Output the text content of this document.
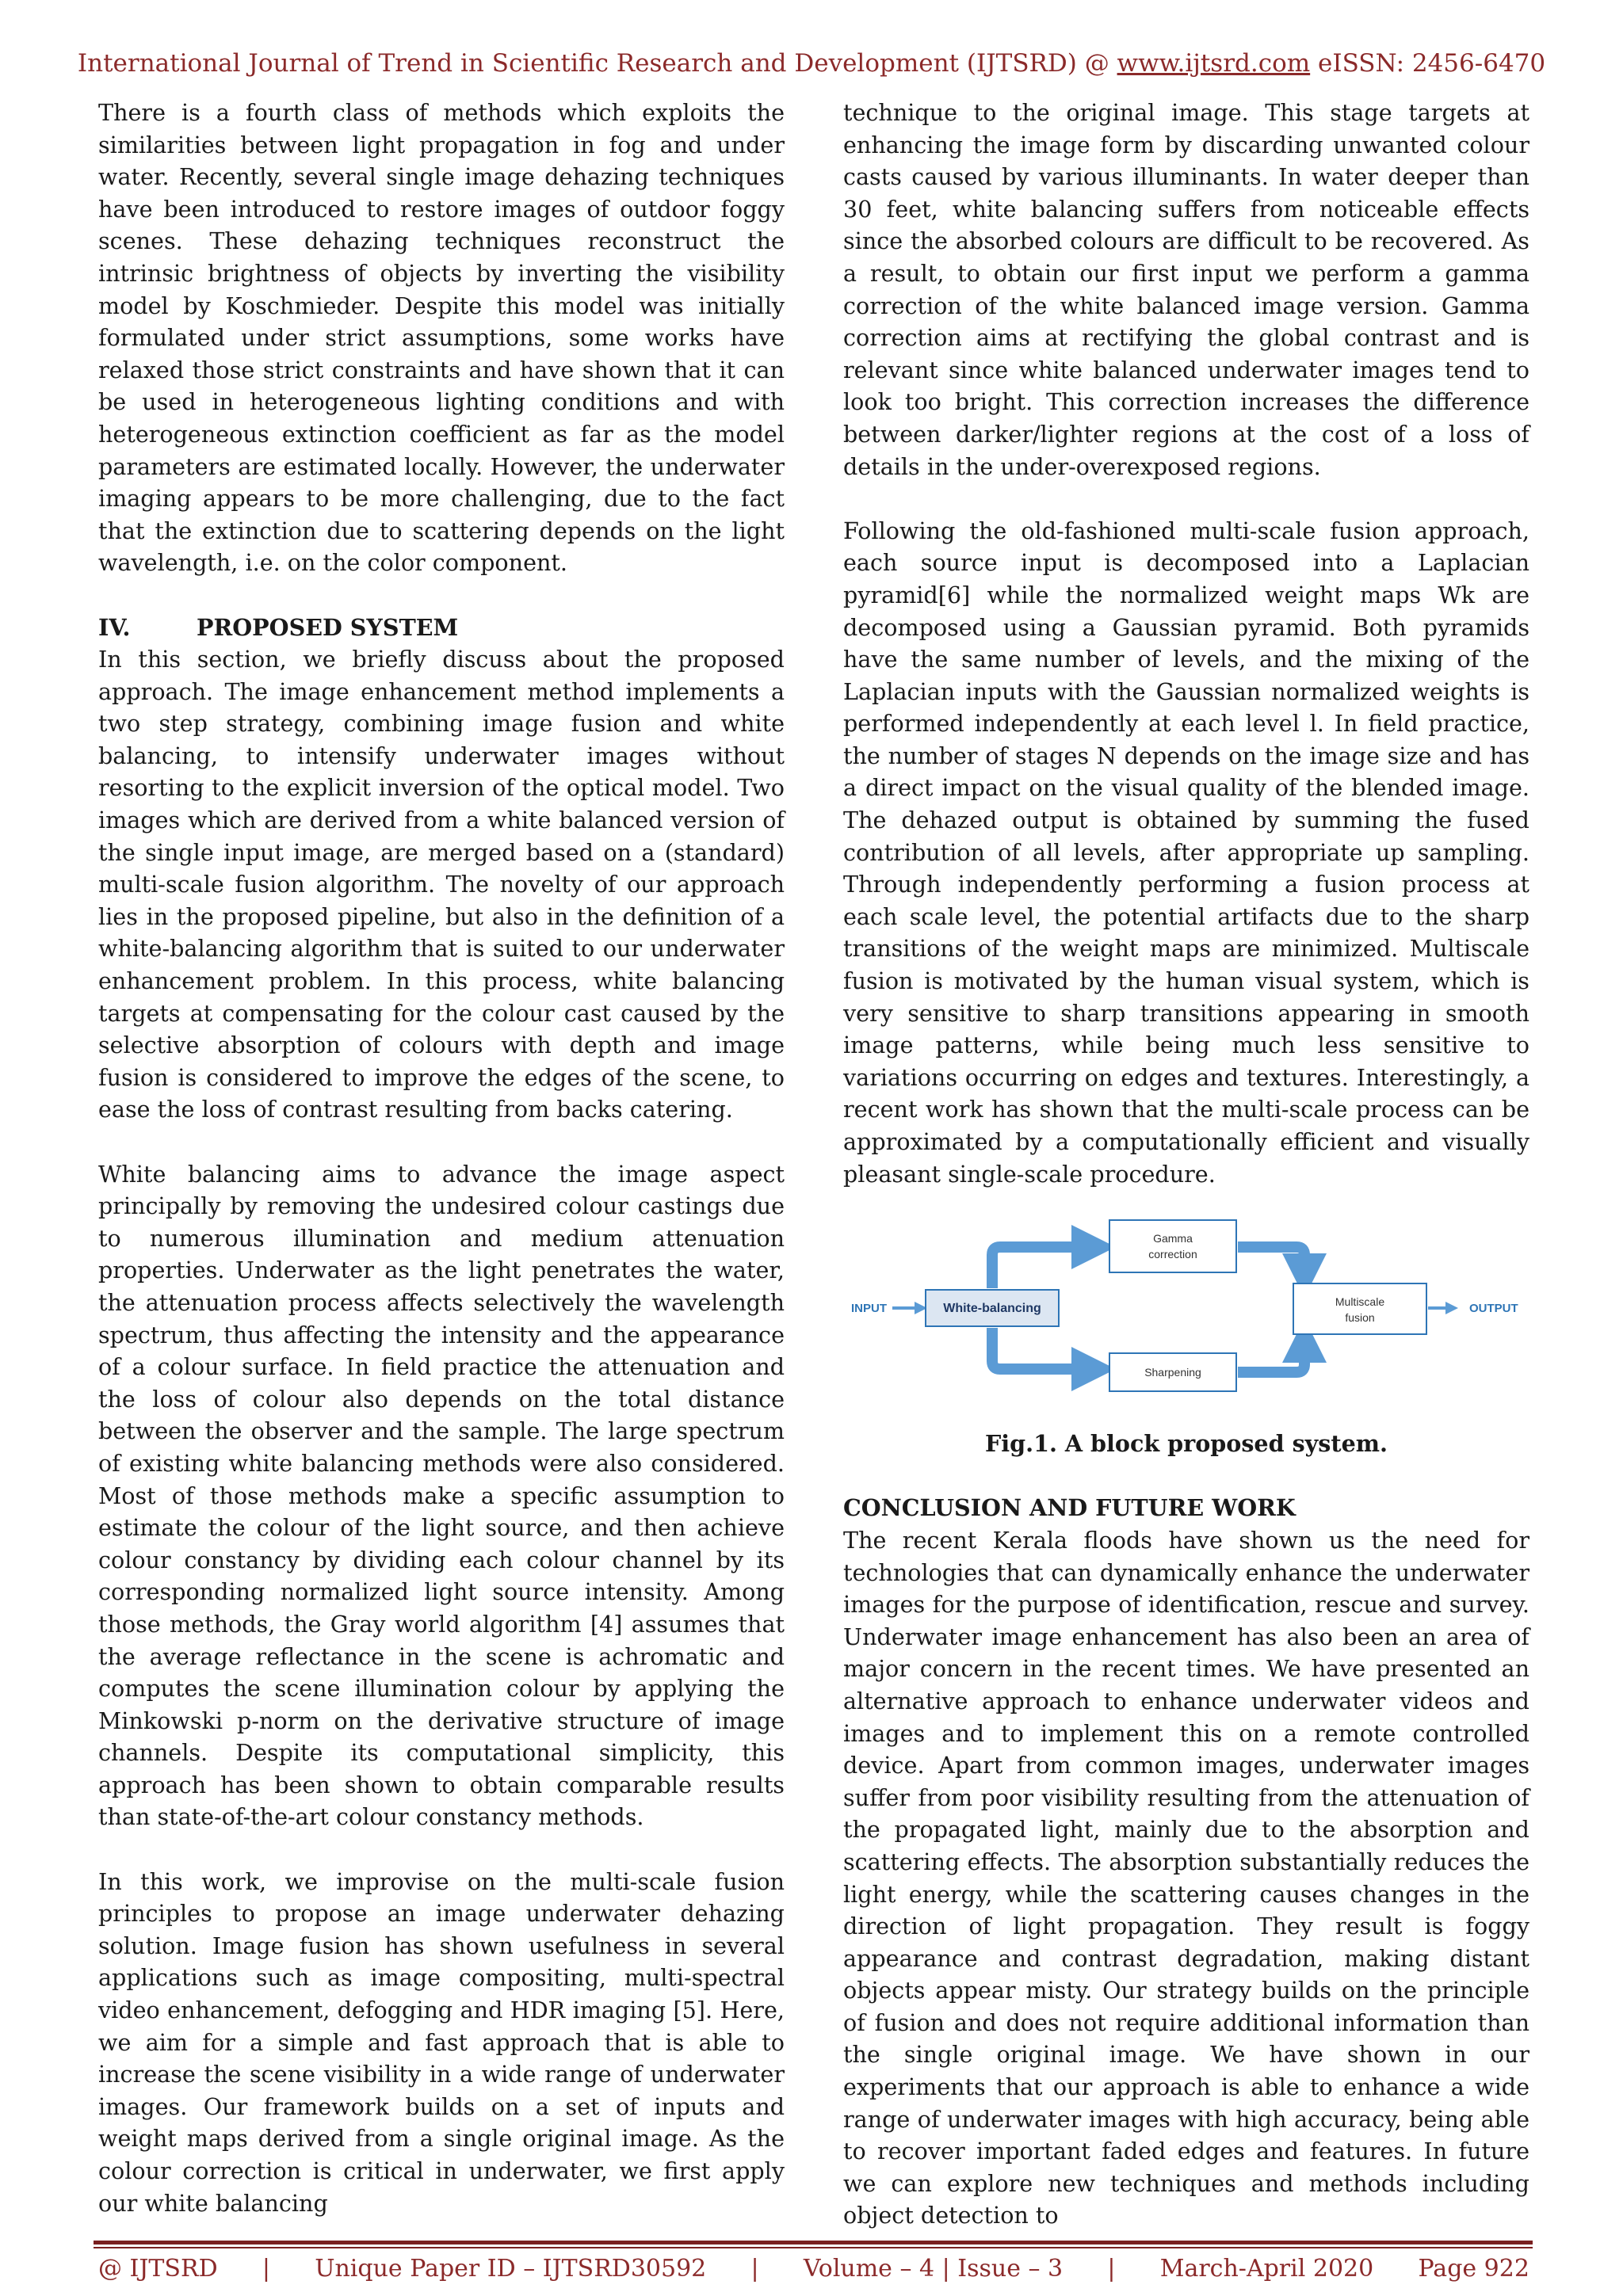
International Journal of Trend in Scientific Research and Development (IJTSRD) @ www.ijtsrd.com eISSN: 2456-6470

There is a fourth class of methods which exploits the similarities between light propagation in fog and under water. Recently, several single image dehazing techniques have been introduced to restore images of outdoor foggy scenes. These dehazing techniques reconstruct the intrinsic brightness of objects by inverting the visibility model by Koschmieder. Despite this model was initially formulated under strict assumptions, some works have relaxed those strict constraints and have shown that it can be used in heterogeneous lighting conditions and with heterogeneous extinction coefficient as far as the model parameters are estimated locally. However, the underwater imaging appears to be more challenging, due to the fact that the extinction due to scattering depends on the light wavelength, i.e. on the color component.

IV.	PROPOSED SYSTEM

In this section, we briefly discuss about the proposed approach. The image enhancement method implements a two step strategy, combining image fusion and white balancing, to intensify underwater images without resorting to the explicit inversion of the optical model. Two images which are derived from a white balanced version of the single input image, are merged based on a (standard) multi-scale fusion algorithm. The novelty of our approach lies in the proposed pipeline, but also in the definition of a white-balancing algorithm that is suited to our underwater enhancement problem. In this process, white balancing targets at compensating for the colour cast caused by the selective absorption of colours with depth and image fusion is considered to improve the edges of the scene, to ease the loss of contrast resulting from backs catering.

White balancing aims to advance the image aspect principally by removing the undesired colour castings due to numerous illumination and medium attenuation properties. Underwater as the light penetrates the water, the attenuation process affects selectively the wavelength spectrum, thus affecting the intensity and the appearance of a colour surface. In field practice the attenuation and the loss of colour also depends on the total distance between the observer and the sample. The large spectrum of existing white balancing methods were also considered. Most of those methods make a specific assumption to estimate the colour of the light source, and then achieve colour constancy by dividing each colour channel by its corresponding normalized light source intensity. Among those methods, the Gray world algorithm [4] assumes that the average reflectance in the scene is achromatic and computes the scene illumination colour by applying the Minkowski p-norm on the derivative structure of image channels. Despite its computational simplicity, this approach has been shown to obtain comparable results than state-of-the-art colour constancy methods.

In this work, we improvise on the multi-scale fusion principles to propose an image underwater dehazing solution. Image fusion has shown usefulness in several applications such as image compositing, multi-spectral video enhancement, defogging and HDR imaging [5]. Here, we aim for a simple and fast approach that is able to increase the scene visibility in a wide range of underwater images. Our framework builds on a set of inputs and weight maps derived from a single original image. As the colour correction is critical in underwater, we first apply our white balancing

technique to the original image. This stage targets at enhancing the image form by discarding unwanted colour casts caused by various illuminants. In water deeper than 30 feet, white balancing suffers from noticeable effects since the absorbed colours are difficult to be recovered. As a result, to obtain our first input we perform a gamma correction of the white balanced image version. Gamma correction aims at rectifying the global contrast and is relevant since white balanced underwater images tend to look too bright. This correction increases the difference between darker/lighter regions at the cost of a loss of details in the under-overexposed regions.

Following the old-fashioned multi-scale fusion approach, each source input is decomposed into a Laplacian pyramid[6] while the normalized weight maps Wk are decomposed using a Gaussian pyramid. Both pyramids have the same number of levels, and the mixing of the Laplacian inputs with the Gaussian normalized weights is performed independently at each level l. In field practice, the number of stages N depends on the image size and has a direct impact on the visual quality of the blended image. The dehazed output is obtained by summing the fused contribution of all levels, after appropriate up sampling. Through independently performing a fusion process at each scale level, the potential artifacts due to the sharp transitions of the weight maps are minimized. Multiscale fusion is motivated by the human visual system, which is very sensitive to sharp transitions appearing in smooth image patterns, while being much less sensitive to variations occurring on edges and textures. Interestingly, a recent work has shown that the multi-scale process can be approximated by a computationally efficient and visually pleasant single-scale procedure.

INPUT	White-balancing
Gamma
correction
Sharpening
Multiscale
fusion
OUTPUT

Fig.1. A block proposed system.

CONCLUSION AND FUTURE WORK

The recent Kerala floods have shown us the need for technologies that can dynamically enhance the underwater images for the purpose of identification, rescue and survey. Underwater image enhancement has also been an area of major concern in the recent times. We have presented an alternative approach to enhance underwater videos and images and to implement this on a remote controlled device. Apart from common images, underwater images suffer from poor visibility resulting from the attenuation of the propagated light, mainly due to the absorption and scattering effects. The absorption substantially reduces the light energy, while the scattering causes changes in the direction of light propagation. They result is foggy appearance and contrast degradation, making distant objects appear misty. Our strategy builds on the principle of fusion and does not require additional information than the single original image. We have shown in our experiments that our approach is able to enhance a wide range of underwater images with high accuracy, being able to recover important faded edges and features. In future we can explore new techniques and methods including object detection to

@ IJTSRD | Unique Paper ID – IJTSRD30592 | Volume – 4 | Issue – 3 | March-April 2020 Page 922
